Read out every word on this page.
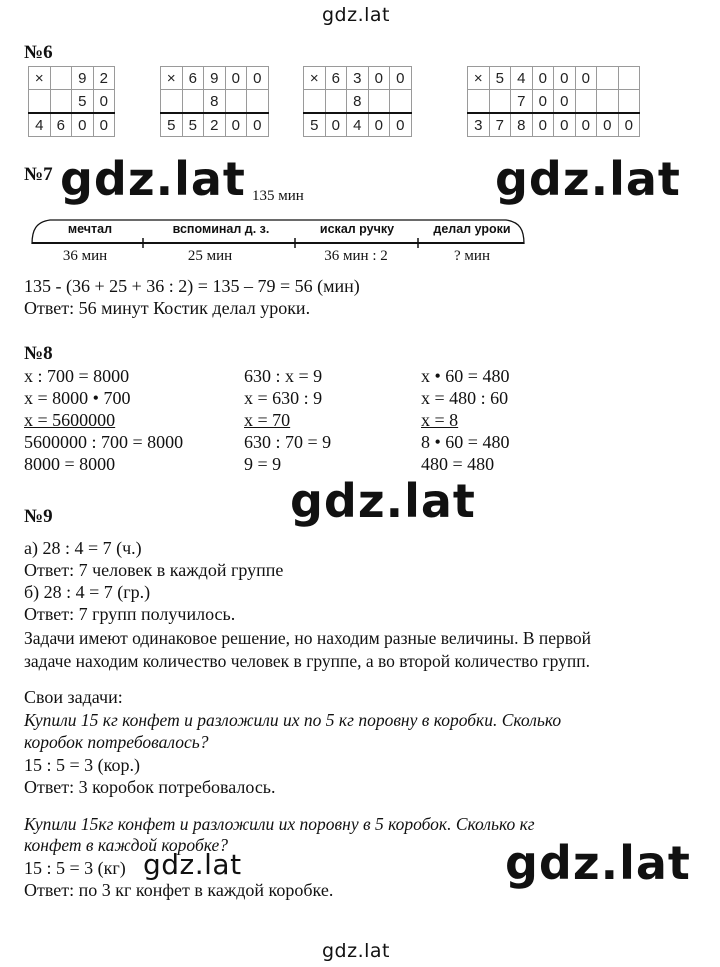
gdz.lat
gdz.lat	gdz.lat
gdz.lat
gdz.lat	gdz.lat
gdz.lat
№6
×		9	2
		5	0
4	6	0	0
×	6	9	0	0
		8		
5	5	2	0	0
×	6	3	0	0
		8		
5	0	4	0	0
×	5	4	0	0	0		
		7	0	0			
3	7	8	0	0	0	0	0
№7
135 мин
мечтал	вспоминал д. з.	искал ручку	делал уроки
36 мин	25 мин	36 мин : 2	? мин
135 - (36 + 25 + 36 : 2) = 135 – 79 = 56 (мин)
Ответ: 56 минут Костик делал уроки.
№8
x : 700 = 8000
x = 8000 • 700
x = 5600000
5600000 : 700 = 8000
8000 = 8000
630 : x = 9
x = 630 : 9
x = 70
630 : 70 = 9
9 = 9
x • 60 = 480
x = 480 : 60
x = 8
8 • 60 = 480
480 = 480
№9
а) 28 : 4 = 7 (ч.)
Ответ: 7 человек в каждой группе
б) 28 : 4 = 7 (гр.)
Ответ: 7 групп получилось.
Задачи имеют одинаковое решение, но находим разные величины. В первой
задаче находим количество человек в группе, а во второй количество групп.
Свои задачи:
Купили 15 кг конфет и разложили их по 5 кг поровну в коробки. Сколько
коробок потребовалось?
15 : 5 = 3 (кор.)
Ответ: 3 коробок потребовалось.
Купили 15кг конфет и разложили их поровну в 5 коробок. Сколько кг
конфет в каждой коробке?
15 : 5 = 3 (кг)
Ответ: по 3 кг конфет в каждой коробке.
